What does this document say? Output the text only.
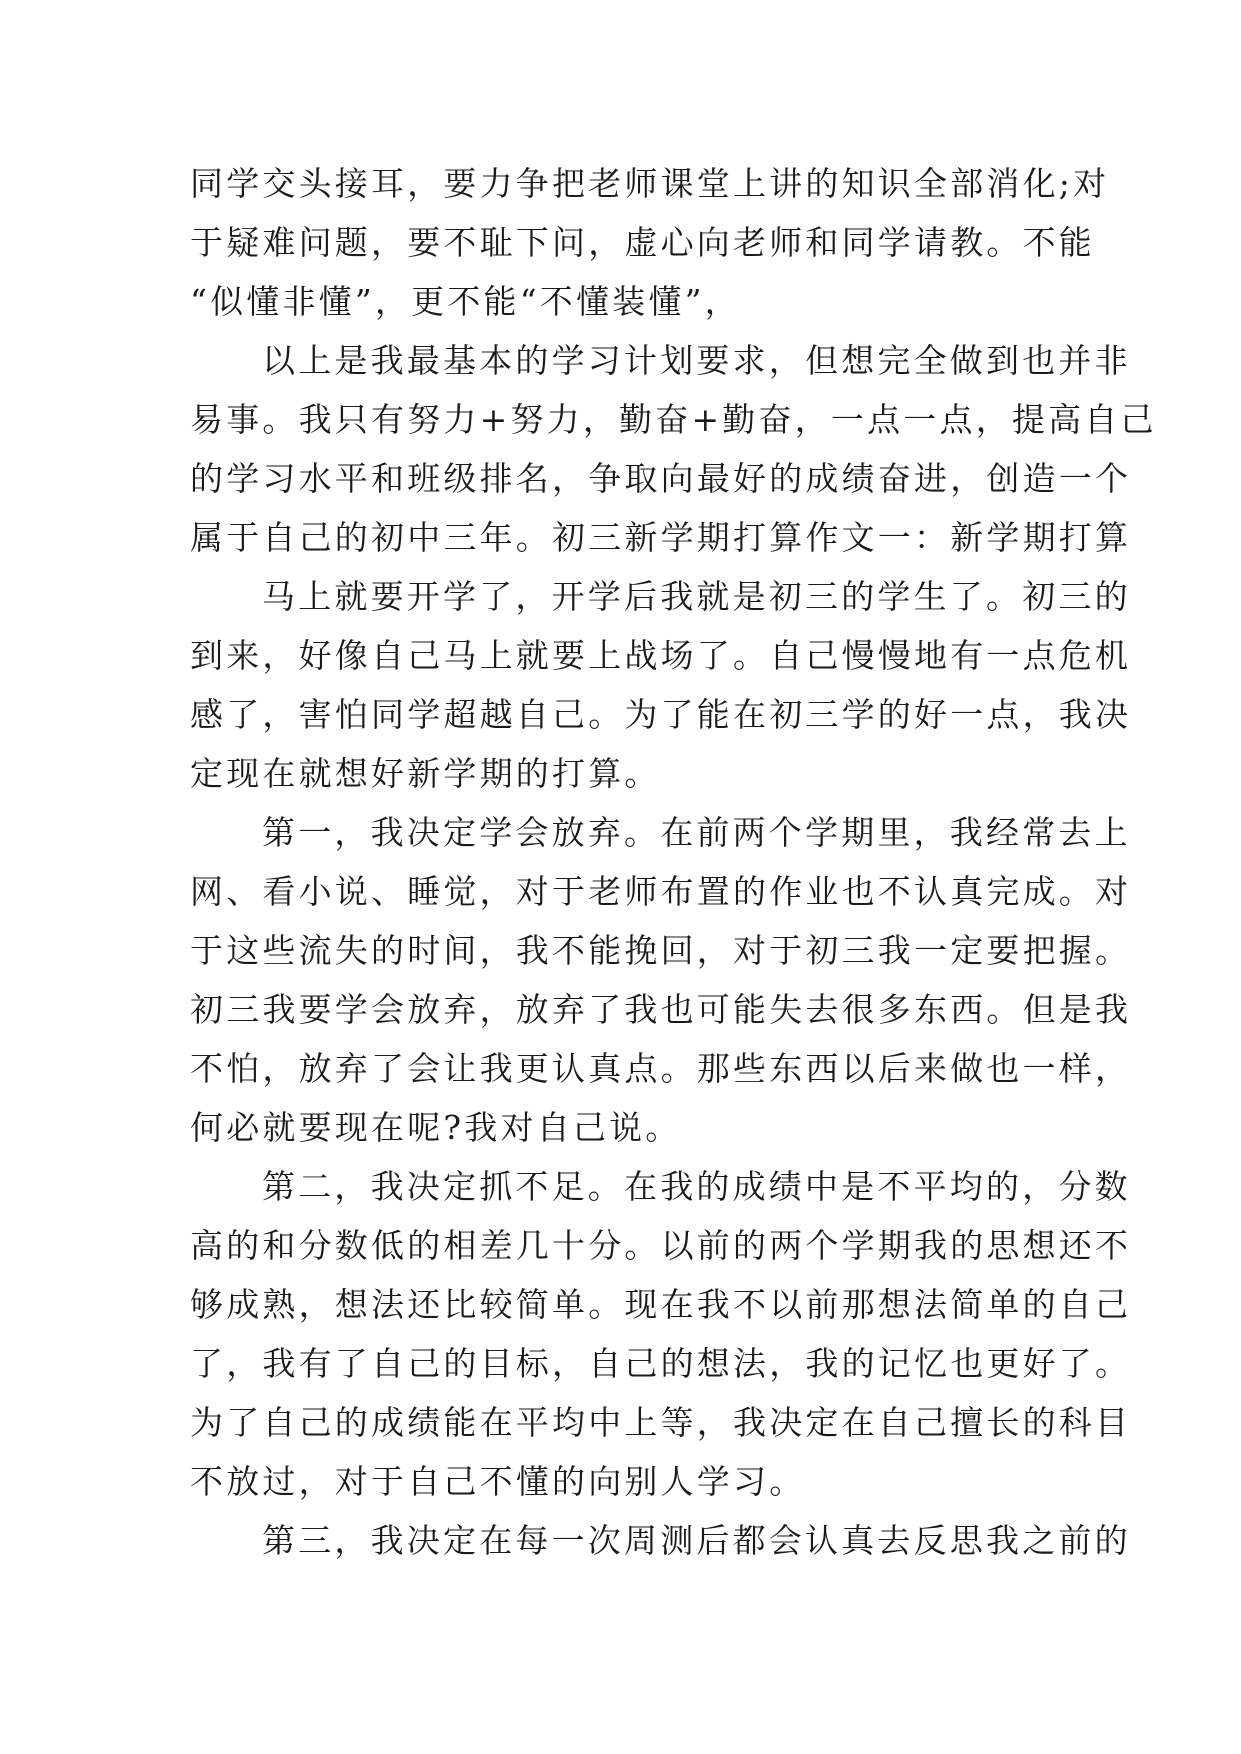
同学交头接耳，要力争把老师课堂上讲的知识全部消化;对
于疑难问题，要不耻下问，虚心向老师和同学请教。不能
“似懂非懂”，更不能“不懂装懂”，
以上是我最基本的学习计划要求，但想完全做到也并非
易事。我只有努力+努力，勤奋+勤奋，一点一点，提高自己
的学习水平和班级排名，争取向最好的成绩奋进，创造一个
属于自己的初中三年。初三新学期打算作文一：新学期打算
马上就要开学了，开学后我就是初三的学生了。初三的
到来，好像自己马上就要上战场了。自己慢慢地有一点危机
感了，害怕同学超越自己。为了能在初三学的好一点，我决
定现在就想好新学期的打算。
第一，我决定学会放弃。在前两个学期里，我经常去上
网、看小说、睡觉，对于老师布置的作业也不认真完成。对
于这些流失的时间，我不能挽回，对于初三我一定要把握。
初三我要学会放弃，放弃了我也可能失去很多东西。但是我
不怕，放弃了会让我更认真点。那些东西以后来做也一样，
何必就要现在呢?我对自己说。
第二，我决定抓不足。在我的成绩中是不平均的，分数
高的和分数低的相差几十分。以前的两个学期我的思想还不
够成熟，想法还比较简单。现在我不以前那想法简单的自己
了，我有了自己的目标，自己的想法，我的记忆也更好了。
为了自己的成绩能在平均中上等，我决定在自己擅长的科目
不放过，对于自己不懂的向别人学习。
第三，我决定在每一次周测后都会认真去反思我之前的
